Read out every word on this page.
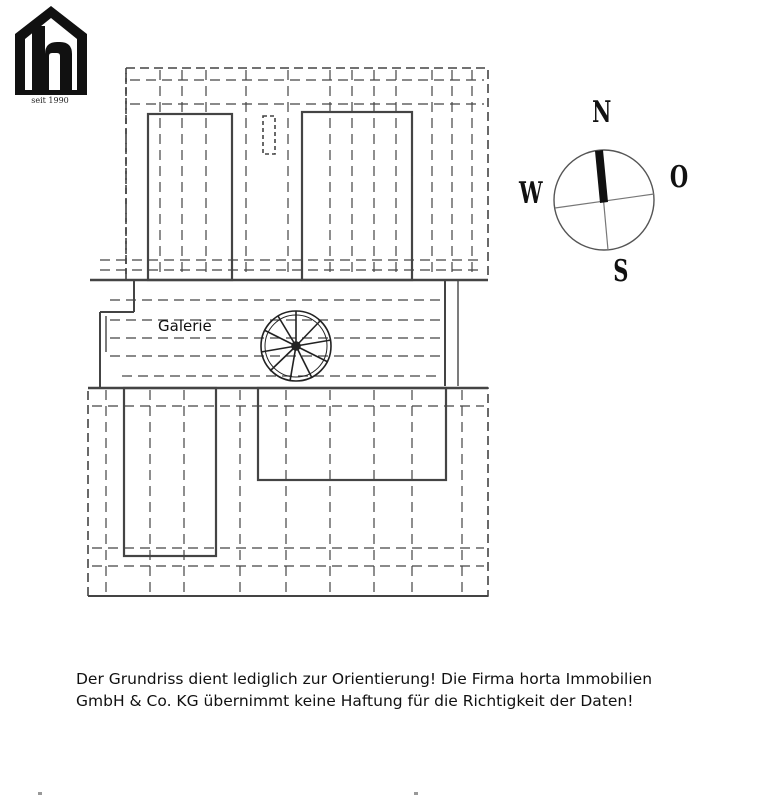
seit 1990
Galerie
N
W	O
S
Der Grundriss dient lediglich zur Orientierung! Die Firma horta Immobilien
GmbH & Co. KG übernimmt keine Haftung für die Richtigkeit der Daten!
